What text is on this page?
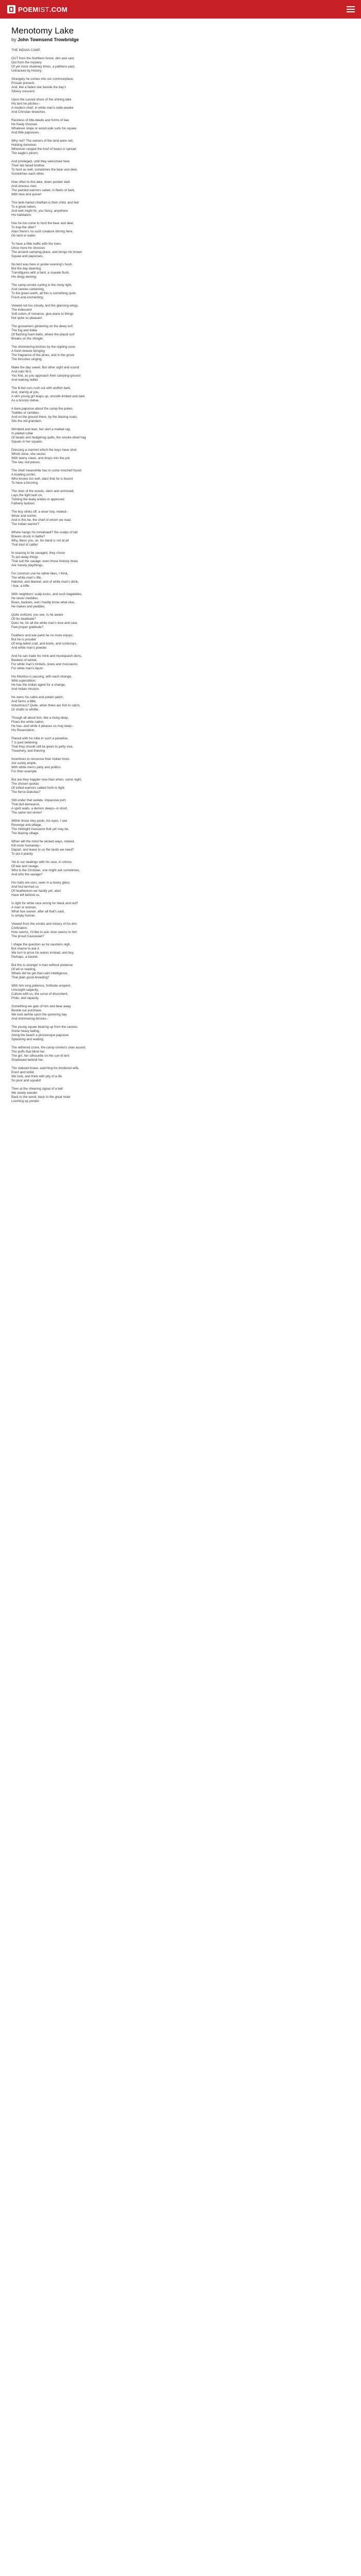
POEMIST.COM
Menotomy Lake
by John Townsend Trowbridge

THE INDIAN CAMP.

OUT from the Northern forest, dim and vast;
Out from the mystery
Of yet more shadowy times, a pathless past,
Untracked by History;

Strangely he comes into our commonplace,
Prosaic present;
And, like a faded star beside the bay's
Silvery crescent,

Upon the curved shore of the shining lake
His tent he pitches--
A modern chief, in white man's wide-awake
And Christian breeches.

Reckless of title-deeds and forms of law,
He freely chooses
Whatever slope or wood-side suits his squaw
And little papooses.

Why not? The owners of the land were red,
Holding dominion
Wherever ranged the hoof of beast or spread
The eagle's pinion;

And privileged, until they welcomed here
Their fair-faced brother,
To hunt as well, sometimes the bear and deer,
Sometimes each other.

How often to this lake, down ponder dark
And sinuous river,
The painted warriors sailed, in fleets of bark,
With bow and quiver!

This lank-haired chieftain is their child, and heir
To a great nation,
And well might fix, you fancy, anywhere
His habitation.

Has he too come to hunt the bear and deer,
To trap the otter?
Alas! there's no such creature stirring here,
On land or water.

To have a little traffic with the town,
Once more he chooses
The ancient camping-place, and brings his brown
Squaw and papooses.

No tent was here in yester-evening's hush;
But the day dawning,
Transfigures with a faint, a roseate flush,
His dingy awning;

The camp-smoke curling in the misty light,
And canoes careening,
To the green earth, all this is something quite
Fresh and enchanting;

Viewed not too closely, lest the glancing wings,
The iridescent
Soft colors of romance, give place to things
Not quite so pleasant.

The gossamers glistening on the dewy turf;
The fog and tinkle
Of flashing foam-bells, where the placid surf
Breaks on the shingle;

The shimmering birches by the rippling cove;
A fresh breeze bringing
The fragrance of the pines, and in the grove
The thrushes singing,

Make the day sweet. But other sight and sound
And odor fill it,
You find, as you approach their camping-ground
And reeking skillet.

The ill-fed curs rush out with wolfish bark;
And, staring at you,
A slim young girl leaps up, smooth-limbed and dark
As a bronze statue.

A bare papoose about the camp-fire pokes
Toddles or rambles,
And on the ground there, by the blazing coals,
Sits the old grandam.

Wrinkled and lean, her skirt a matted rag,
In plaited collar
Of beads and hedgehog quills, the smoke-dried hag
Squats in her squalor,

Dressing a marmot which the boys have shot;
Which done, she seizes
With tawny claws, and drops into the pot,
The raw, red pieces.

The chief meanwhile has in some mischief found
A howling urchin,
Who knows too well, alas! that he is bound
To have a birching.

The stoic of the woods, stern and unmoved,
Lays the light lash on,
Tickling the leaky ankles in approved
Fatherly fashion.

The boy slinks off, a wiser boy, indeed--
Wiser and sorrier;
And is this he, the chief of whom we read,
The Indian warrior?

Where hangs his tomahawk? the scalps of tall
Braves struck in battle?
Why, bless you, sir, his band is not at all
That kind of cattle!

In ceasing to be savaged, they chose
To put away things
That suit the savage: even those hickory bows
Are merely playthings,

For common use he rather likes, I think,
The white man's rifle,
Hatchet, and blanket; and of white man's drink,
I fear, a trifle.

With neighbors' scalp-locks, and such bagatelles,
He never meddles.
Bows, baskets, and I hardly know what else,
He makes and peddles.

Quite civilized, you see. Is he aware
Of his beatitude?
Does he, for all the white man's love and care,
Feel proper gratitude?

Feathers and war-paint he no more enjoys;
But he is prouder
Of long-tailed coat, and boots, and corduroys,
And white man's powder.

And he can trade his mink and muskquash skins,
Baskets of wicker,
For white man's trinkets, bows and moccasins
For white man's liquor.

His Manitou is passing, with each strange,
Wild superstition;
He has the Indian agent for a change,
And Indian mission.

He owns his cabin and potato patch,
And farms a little,
Industrious? Quite, when there are fish to catch,
Or shafts to whittle.

Though all about him, like a rising deep,
Flows the white nation,
He has--and while it pleases us may keep--
His Reservation.

Placed with his tribe in such a paradise,
T is past believing
That they should still be given to petty vice,
Treachery, and thieving.

Incentives to renounce their Indian tricks
Are surely ample,
With white men's piety and politics
For their example.

But are they happier now than when, some night,
The chosen quotas
Of tufted warriors sallied forth to fight
The fierce Dakotas?

Still under that sedate, impassive port,
That dull demeanor,
A spirit waits, a demon sleeps--in short,
The same red sinner!

Within those inky pools, his eyes, I see
Revenge and pillage,
The midnight massacre that yet may be,
The blazing village.

When will the mind he wicked ways, indeed,
Kill more humanely--
Depart, and leave to us the lands we need?
To put it plainly.

Yet in our dealings with his race, in crimes
Of war and ravage,
Who is the Christian, one might ask sometimes,
And who the savage?

His traits are ours; seen in a dusky glass.
And foul termed us
Of heathenism we hardly yet, alas!
Have left behind us.

Is right for white race wrong for black and red?
A man or woman,
What hue soever, after all that's said,
Is simply human.

Viewed from the smoke and misery of his dim
Civilization,
How seems, I'd like to ask--how seems to him
The proud Caucasian?

I shape the question as he saunters nigh,
But shame to ask it.
We turn to price his wares instead, and buy,
Perhaps, a basket.

But this is strange! A man without pretense
Of wit or reading,
Where did he get that calm intelligence,
That plain good-breeding?

With him long patience, fortitude unspent,
Unsought sagacity,
Culture with us, the curse of discontent,
Pride, and rapacity.

Something we gain of him and bear away
Beside our purchase.
We look awhile upon the quivering bay
And shimmering birches--

The young squaw bearing up from the canoes
Some heavy lading,
Along the beach a picturesque papoose
Splashing and wading;

The withered crone, the camp-smoke's slow ascent,
The puffs that blind her;
The girl, her silhouette on the sun-lit tent
Shadowed behind her;

The stalwart brave, watching his bordered wife,
Erect and stolid.
We look, and think with pity of a life
So poor and squalid!

Then at the cheering signal of a bell
We slowly wander
Back to the world, back to the great hotel
Looming up yonder.
